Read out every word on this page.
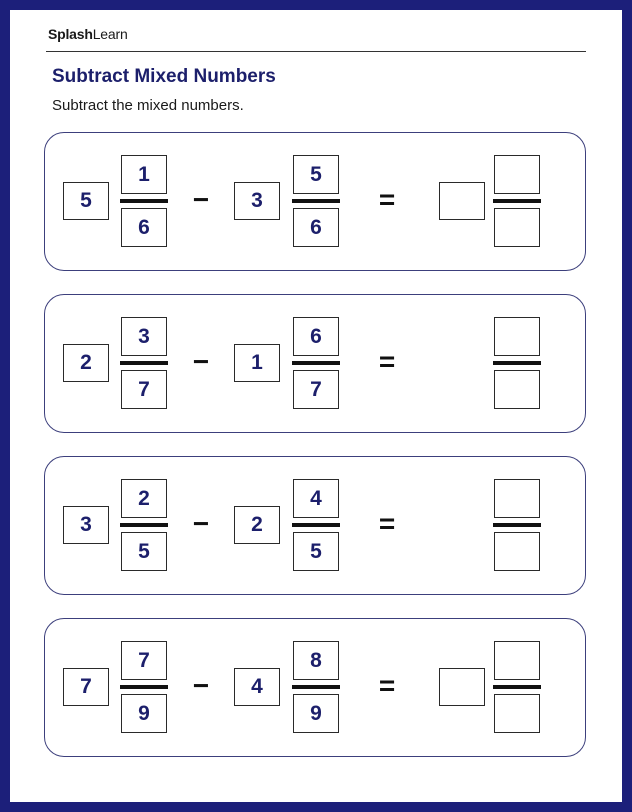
SplashLearn
Subtract Mixed Numbers
Subtract the mixed numbers.
5
1
6
−	3
5
6
=
2
3
7
−	1
6
7
=
3
2
5
−	2
4
5
=
7
7
9
−	4
8
9
=
